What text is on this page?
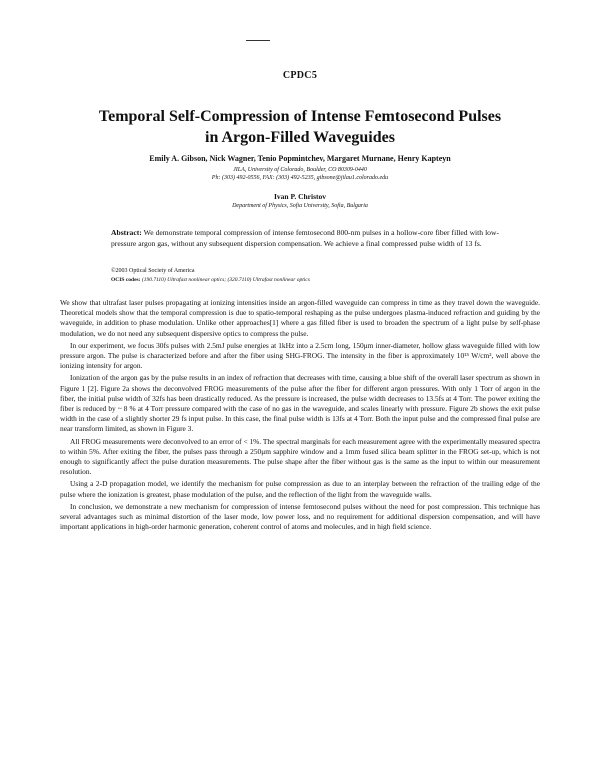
CPDC5
Temporal Self-Compression of Intense Femtosecond Pulses
in Argon-Filled Waveguides
Emily A. Gibson, Nick Wagner, Tenio Popmintchev, Margaret Murnane, Henry Kapteyn
JILA, University of Colorado, Boulder, CO 80309-0440
Ph: (303) 492-0556, FAX: (303) 492-5235, gibsone@jilau1.colorado.edu
Ivan P. Christov
Department of Physics, Sofia University, Sofia, Bulgaria
Abstract: We demonstrate temporal compression of intense femtosecond 800-nm pulses in a hollow-core fiber filled with low-pressure argon gas, without any subsequent dispersion compensation. We achieve a final compressed pulse width of 13 fs.
©2003 Optical Society of America
OCIS codes: (190.7110) Ultrafast nonlinear optics; (320.7110) Ultrafast nonlinear optics

We show that ultrafast laser pulses propagating at ionizing intensities inside an argon-filled waveguide can compress in time as they travel down the waveguide. Theoretical models show that the temporal compression is due to spatio-temporal reshaping as the pulse undergoes plasma-induced refraction and guiding by the waveguide, in addition to phase modulation. Unlike other approaches[1] where a gas filled fiber is used to broaden the spectrum of a light pulse by self-phase modulation, we do not need any subsequent dispersive optics to compress the pulse.

In our experiment, we focus 30fs pulses with 2.5mJ pulse energies at 1kHz into a 2.5cm long, 150μm inner-diameter, hollow glass waveguide filled with low pressure argon. The pulse is characterized before and after the fiber using SHG-FROG. The intensity in the fiber is approximately 10¹⁵ W/cm², well above the ionizing intensity for argon.

Ionization of the argon gas by the pulse results in an index of refraction that decreases with time, causing a blue shift of the overall laser spectrum as shown in Figure 1 [2]. Figure 2a shows the deconvolved FROG measurements of the pulse after the fiber for different argon pressures. With only 1 Torr of argon in the fiber, the initial pulse width of 32fs has been drastically reduced. As the pressure is increased, the pulse width decreases to 13.5fs at 4 Torr. The power exiting the fiber is reduced by ~ 8 % at 4 Torr pressure compared with the case of no gas in the waveguide, and scales linearly with pressure. Figure 2b shows the exit pulse width in the case of a slightly shorter 29 fs input pulse. In this case, the final pulse width is 13fs at 4 Torr. Both the input pulse and the compressed final pulse are near transform limited, as shown in Figure 3.

All FROG measurements were deconvolved to an error of < 1%. The spectral marginals for each measurement agree with the experimentally measured spectra to within 5%. After exiting the fiber, the pulses pass through a 250μm sapphire window and a 1mm fused silica beam splitter in the FROG set-up, which is not enough to significantly affect the pulse duration measurements. The pulse shape after the fiber without gas is the same as the input to within our measurement resolution.

Using a 2-D propagation model, we identify the mechanism for pulse compression as due to an interplay between the refraction of the trailing edge of the pulse where the ionization is greatest, phase modulation of the pulse, and the reflection of the light from the waveguide walls.

In conclusion, we demonstrate a new mechanism for compression of intense femtosecond pulses without the need for post compression. This technique has several advantages such as minimal distortion of the laser mode, low power loss, and no requirement for additional dispersion compensation, and will have important applications in high-order harmonic generation, coherent control of atoms and molecules, and in high field science.
